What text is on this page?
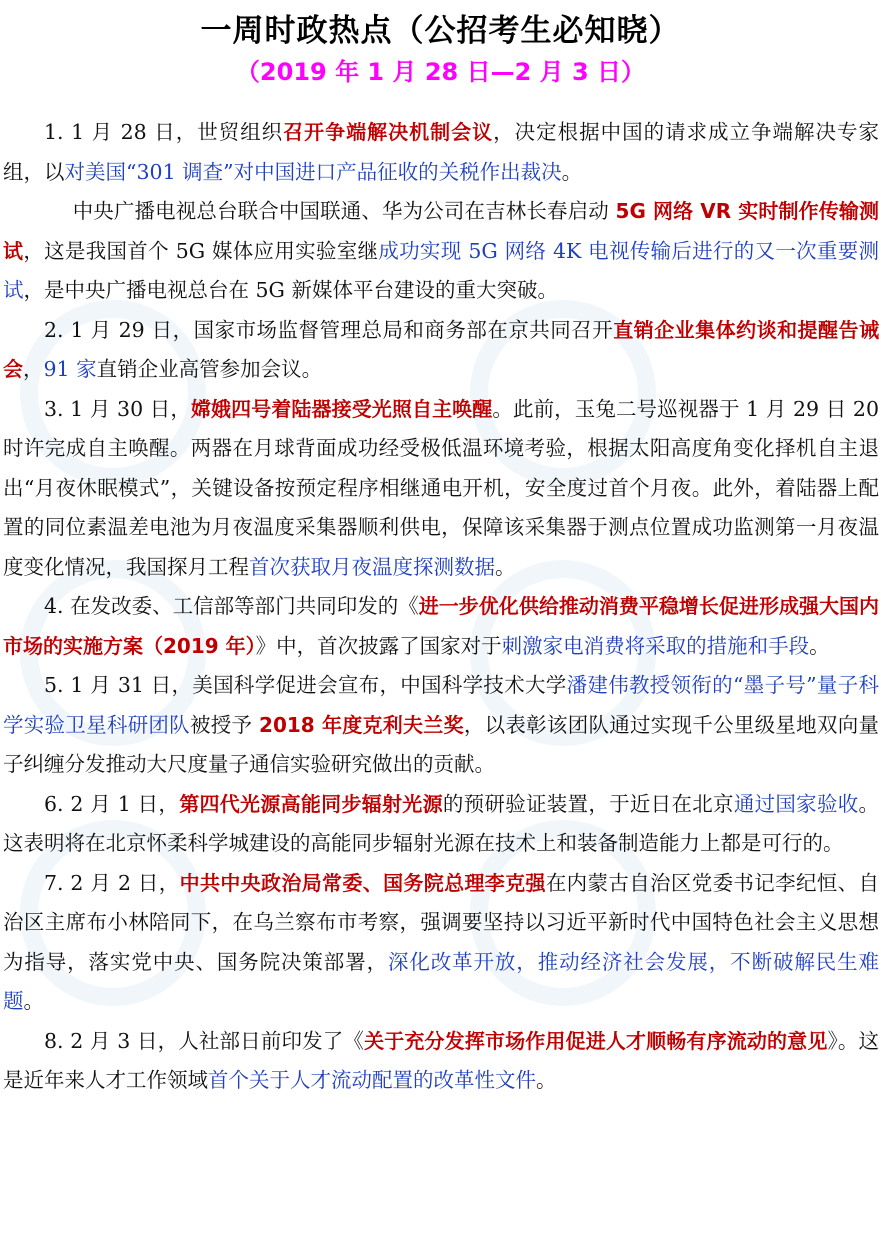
一周时政热点（公招考生必知晓）
（2019 年 1 月 28 日—2 月 3 日）

1. 1 月 28 日，世贸组织召开争端解决机制会议，决定根据中国的请求成立争端解决专家组，以对美国“301 调查”对中国进口产品征收的关税作出裁决。

中央广播电视总台联合中国联通、华为公司在吉林长春启动 5G 网络 VR 实时制作传输测试，这是我国首个 5G 媒体应用实验室继成功实现 5G 网络 4K 电视传输后进行的又一次重要测试，是中央广播电视总台在 5G 新媒体平台建设的重大突破。

2. 1 月 29 日，国家市场监督管理总局和商务部在京共同召开直销企业集体约谈和提醒告诫会，91 家直销企业高管参加会议。

3. 1 月 30 日，嫦娥四号着陆器接受光照自主唤醒。此前，玉兔二号巡视器于 1 月 29 日 20 时许完成自主唤醒。两器在月球背面成功经受极低温环境考验，根据太阳高度角变化择机自主退出“月夜休眠模式”，关键设备按预定程序相继通电开机，安全度过首个月夜。此外，着陆器上配置的同位素温差电池为月夜温度采集器顺利供电，保障该采集器于测点位置成功监测第一月夜温度变化情况，我国探月工程首次获取月夜温度探测数据。

4. 在发改委、工信部等部门共同印发的《进一步优化供给推动消费平稳增长促进形成强大国内市场的实施方案（2019 年）》中，首次披露了国家对于刺激家电消费将采取的措施和手段。

5. 1 月 31 日，美国科学促进会宣布，中国科学技术大学潘建伟教授领衔的“墨子号”量子科学实验卫星科研团队被授予 2018 年度克利夫兰奖，以表彰该团队通过实现千公里级星地双向量子纠缠分发推动大尺度量子通信实验研究做出的贡献。

6. 2 月 1 日，第四代光源高能同步辐射光源的预研验证装置，于近日在北京通过国家验收。这表明将在北京怀柔科学城建设的高能同步辐射光源在技术上和装备制造能力上都是可行的。

7. 2 月 2 日，中共中央政治局常委、国务院总理李克强在内蒙古自治区党委书记李纪恒、自治区主席布小林陪同下，在乌兰察布市考察，强调要坚持以习近平新时代中国特色社会主义思想为指导，落实党中央、国务院决策部署，深化改革开放，推动经济社会发展，不断破解民生难题。

8. 2 月 3 日，人社部日前印发了《关于充分发挥市场作用促进人才顺畅有序流动的意见》。这是近年来人才工作领域首个关于人才流动配置的改革性文件。
